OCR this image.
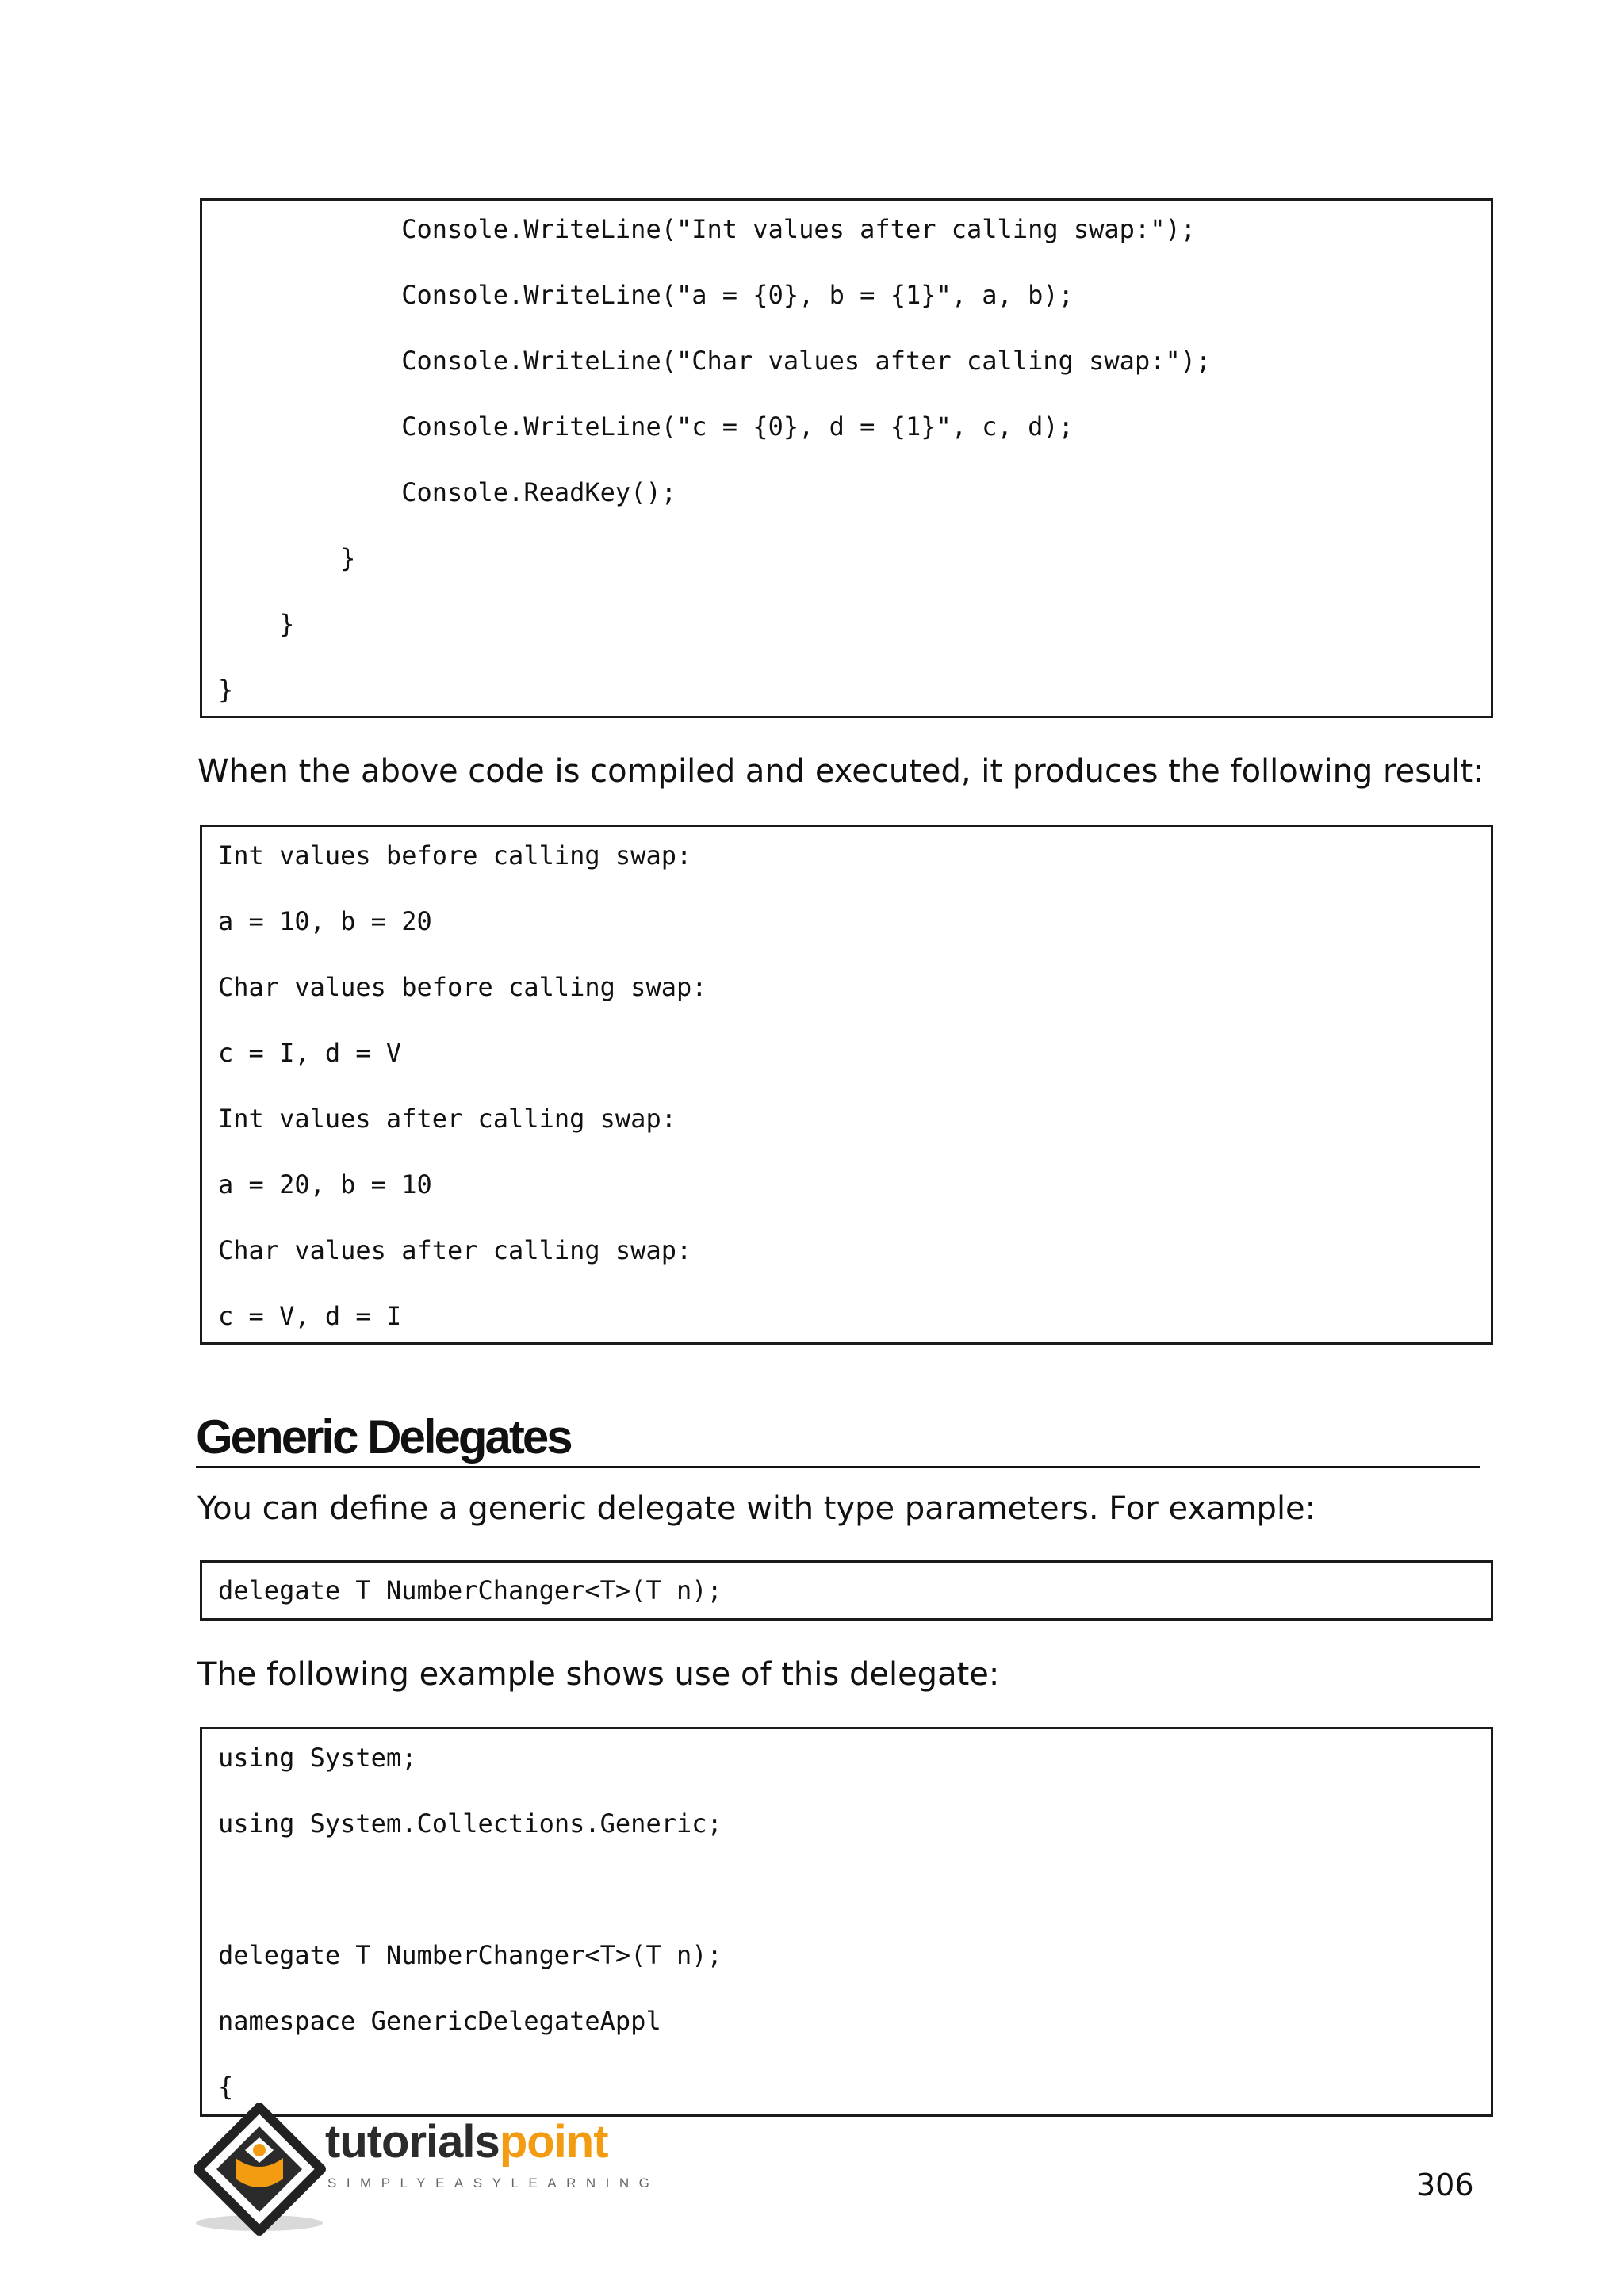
Console.WriteLine("Int values after calling swap:");
Console.WriteLine("a = {0}, b = {1}", a, b);
Console.WriteLine("Char values after calling swap:");
Console.WriteLine("c = {0}, d = {1}", c, d);
Console.ReadKey();
}
}
}
When the above code is compiled and executed, it produces the following result:
Int values before calling swap:
a = 10, b = 20
Char values before calling swap:
c = I, d = V
Int values after calling swap:
a = 20, b = 10
Char values after calling swap:
c = V, d = I
Generic Delegates
You can define a generic delegate with type parameters. For example:
delegate T NumberChanger<T>(T n);
The following example shows use of this delegate:
using System;
using System.Collections.Generic;
delegate T NumberChanger<T>(T n);
namespace GenericDelegateAppl
{
tutorialspoint
SIMPLYEASYLEARNING	306
